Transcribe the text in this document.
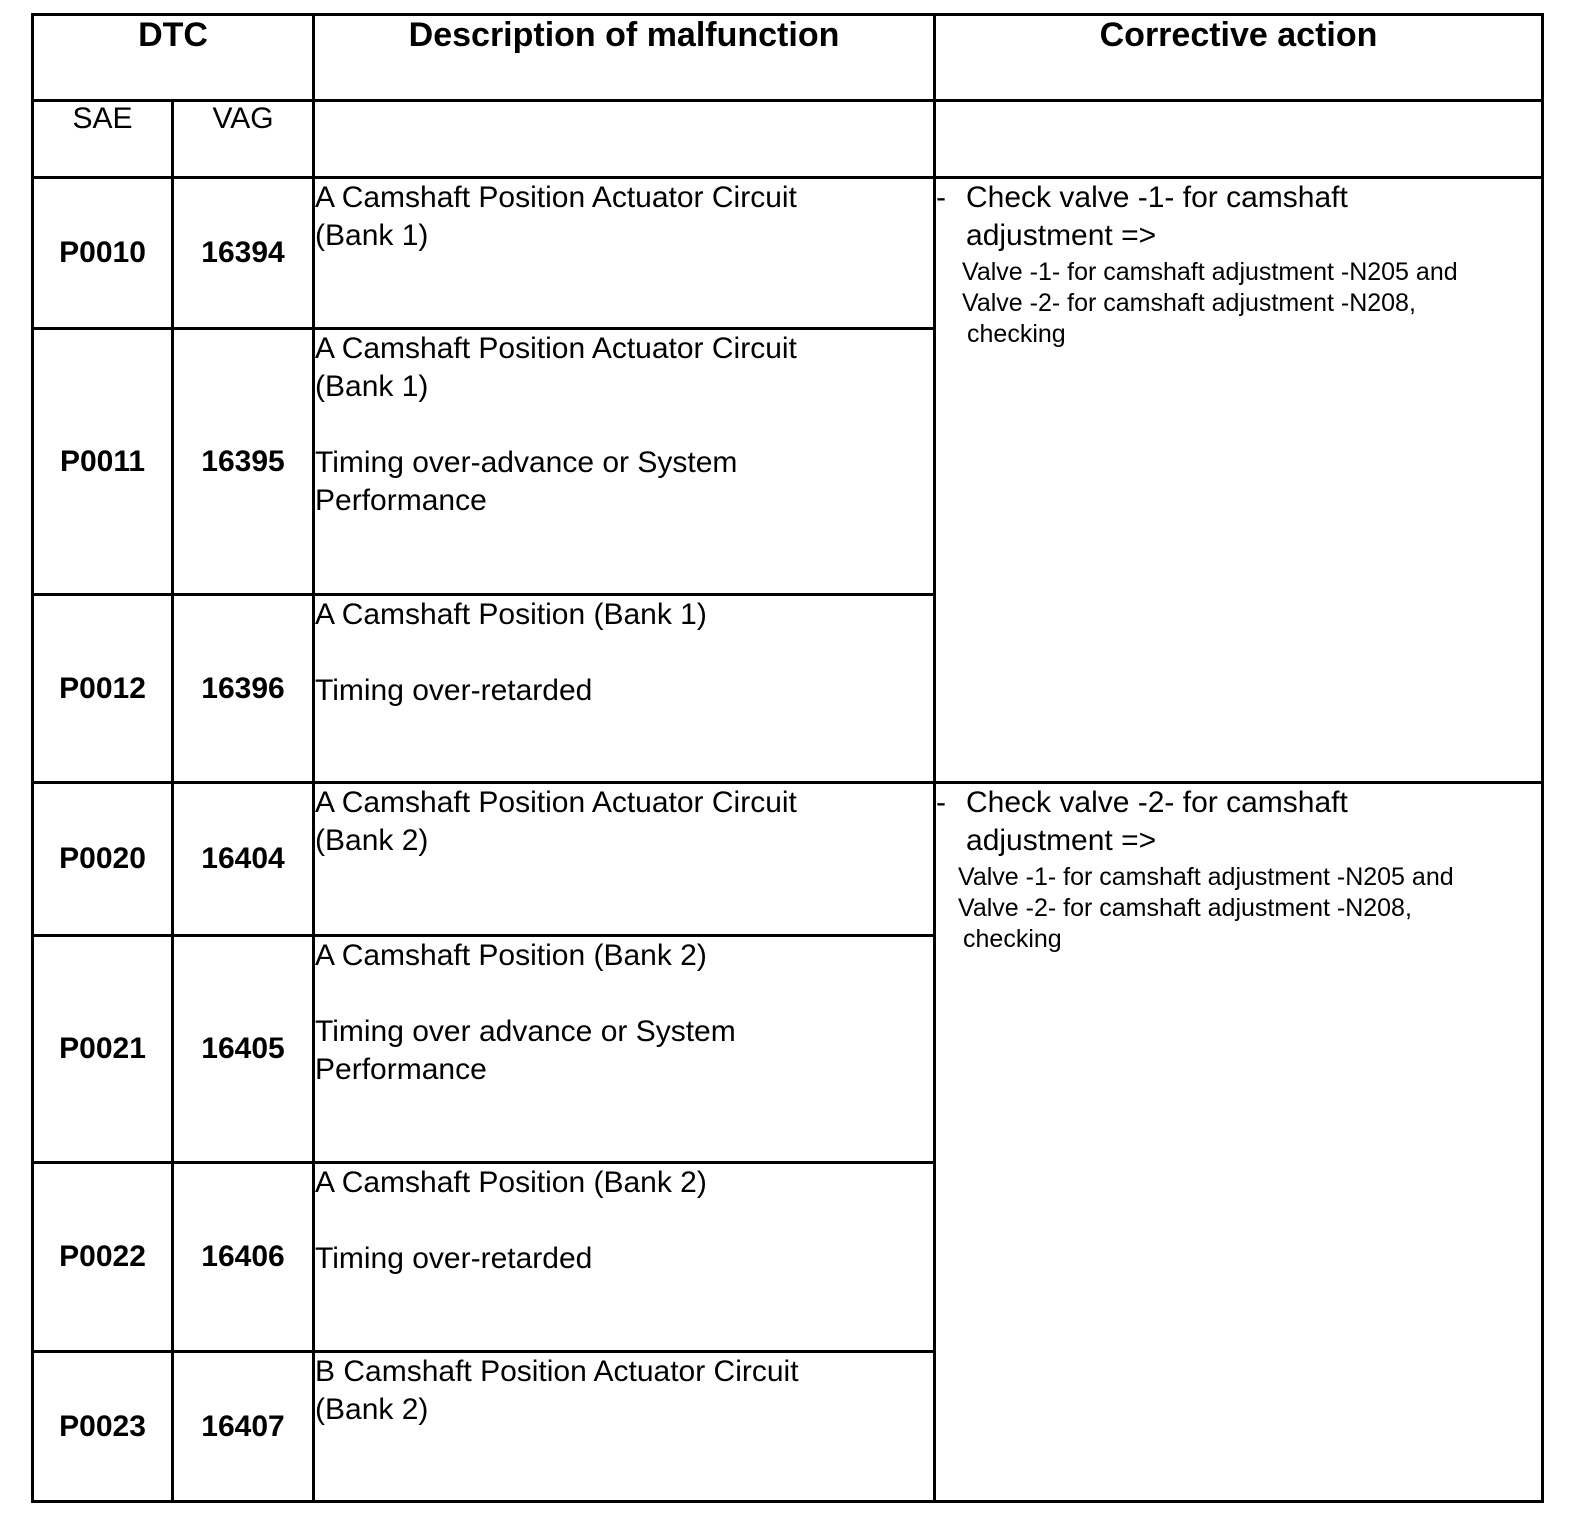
DTC		Description of malfunction	Corrective action
SAE	VAG		
P0010	16394	A Camshaft Position Actuator Circuit (Bank 1)	- Check valve -1- for camshaft adjustment =>
Valve -1- for camshaft adjustment -N205 and
Valve -2- for camshaft adjustment -N208,
checking

P0011	16395	A Camshaft Position Actuator Circuit (Bank 1)

Timing over-advance or System Performance	

P0012	16396	A Camshaft Position (Bank 1)

Timing over-retarded	

P0020	16404	A Camshaft Position Actuator Circuit (Bank 2)	- Check valve -2- for camshaft adjustment =>
Valve -1- for camshaft adjustment -N205 and
Valve -2- for camshaft adjustment -N208,
checking

P0021	16405	A Camshaft Position (Bank 2)

Timing over advance or System Performance	

P0022	16406	A Camshaft Position (Bank 2)

Timing over-retarded	

P0023	16407	B Camshaft Position Actuator Circuit (Bank 2)	
